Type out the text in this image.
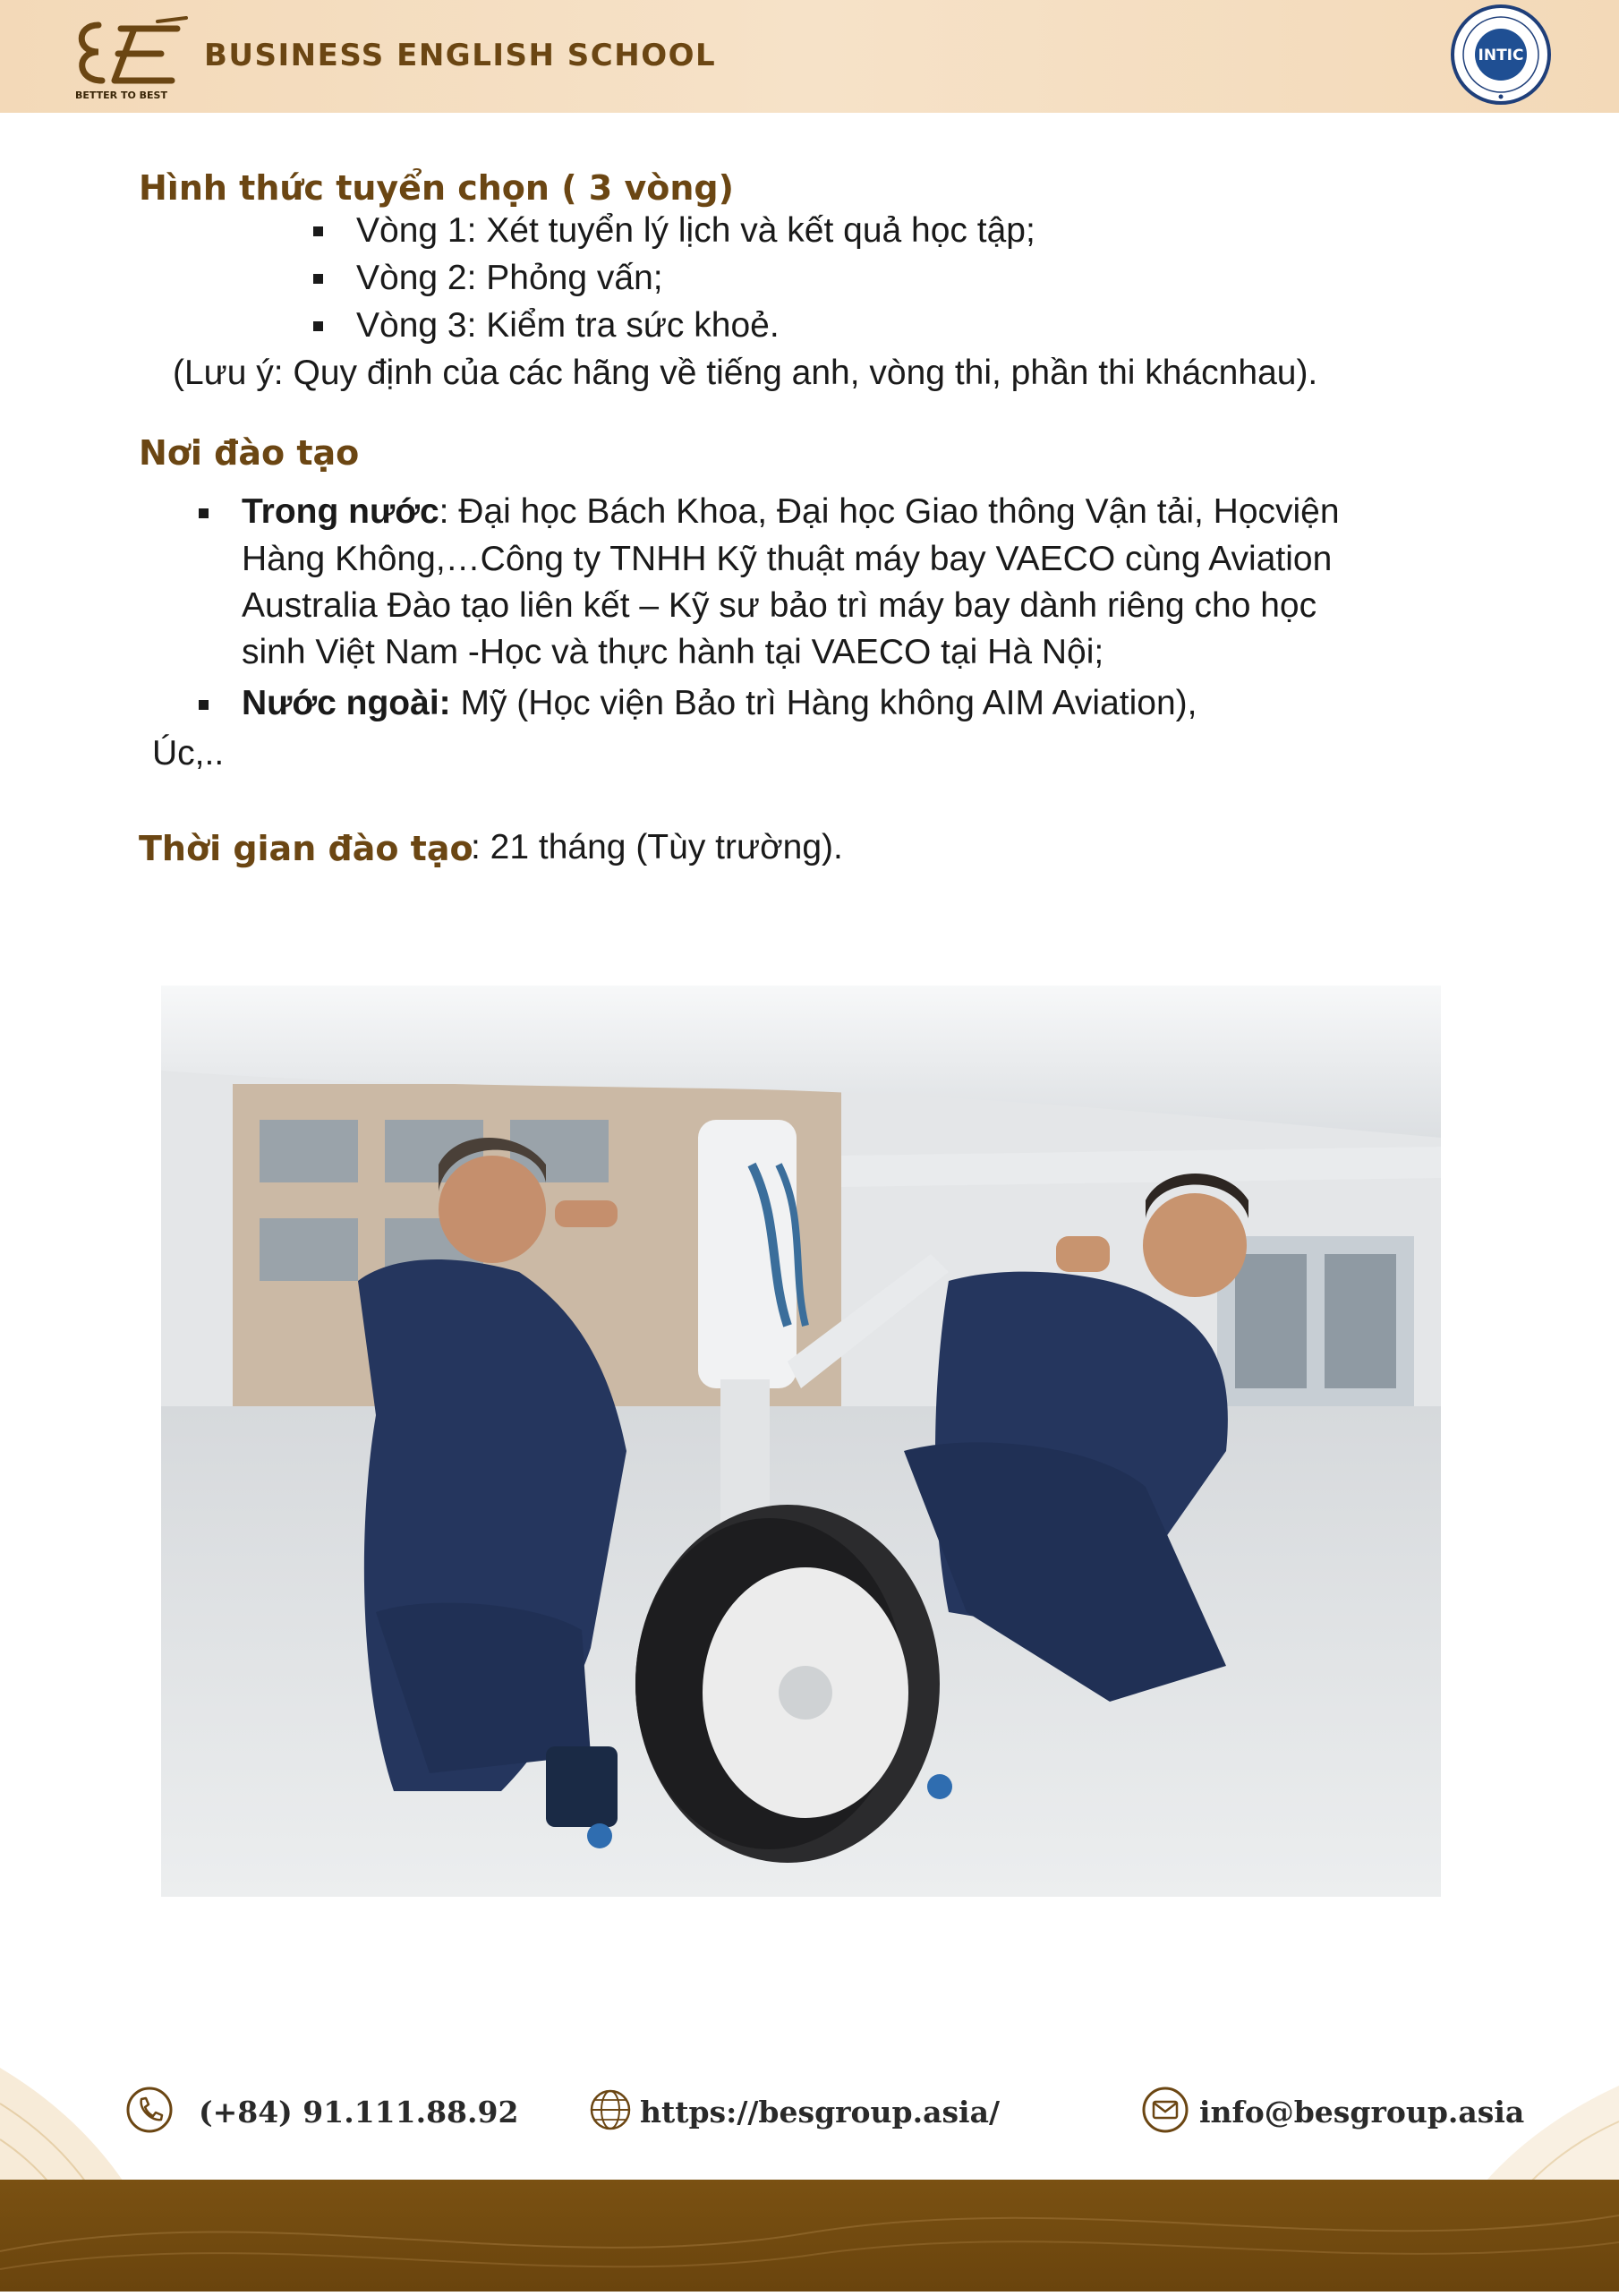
BETTER TO BEST
BUSINESS ENGLISH SCHOOL	INTIC
Hình thức tuyển chọn ( 3 vòng)
Vòng 1: Xét tuyển lý lịch và kết quả học tập;
Vòng 2: Phỏng vấn;
Vòng 3: Kiểm tra sức khoẻ.
(Lưu ý: Quy định của các hãng về tiếng anh, vòng thi, phần thi khácnhau).
Nơi đào tạo
Trong nước: Đại học Bách Khoa, Đại học Giao thông Vận tải, Họcviện
Hàng Không,…Công ty TNHH Kỹ thuật máy bay VAECO cùng Aviation
Australia Đào tạo liên kết – Kỹ sư bảo trì máy bay dành riêng cho học
sinh Việt Nam -Học và thực hành tại VAECO tại Hà Nội;
Nước ngoài: Mỹ (Học viện Bảo trì Hàng không AIM Aviation),
Úc,..
Thời gian đào tạo
: 21 tháng (Tùy trường).
(+84) 91.111.88.92	https://besgroup.asia/	info@besgroup.asia
